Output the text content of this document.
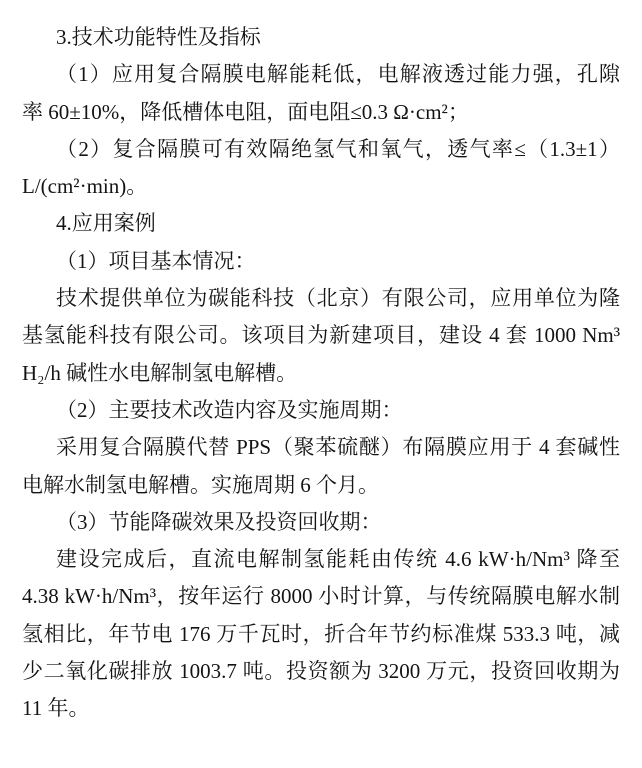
3.技术功能特性及指标
（1）应用复合隔膜电解能耗低，电解液透过能力强，孔隙
率 60±10%，降低槽体电阻，面电阻≤0.3 Ω·cm²；
（2）复合隔膜可有效隔绝氢气和氧气，透气率≤（1.3±1）
L/(cm²·min)。
4.应用案例
（1）项目基本情况：
技术提供单位为碳能科技（北京）有限公司，应用单位为隆
基氢能科技有限公司。该项目为新建项目，建设 4 套 1000 Nm³
H₂/h 碱性水电解制氢电解槽。
（2）主要技术改造内容及实施周期：
采用复合隔膜代替 PPS（聚苯硫醚）布隔膜应用于 4 套碱性
电解水制氢电解槽。实施周期 6 个月。
（3）节能降碳效果及投资回收期：
建设完成后，直流电解制氢能耗由传统 4.6 kW·h/Nm³ 降至
4.38 kW·h/Nm³，按年运行 8000 小时计算，与传统隔膜电解水制
氢相比，年节电 176 万千瓦时，折合年节约标准煤 533.3 吨，减
少二氧化碳排放 1003.7 吨。投资额为 3200 万元，投资回收期为
11 年。
